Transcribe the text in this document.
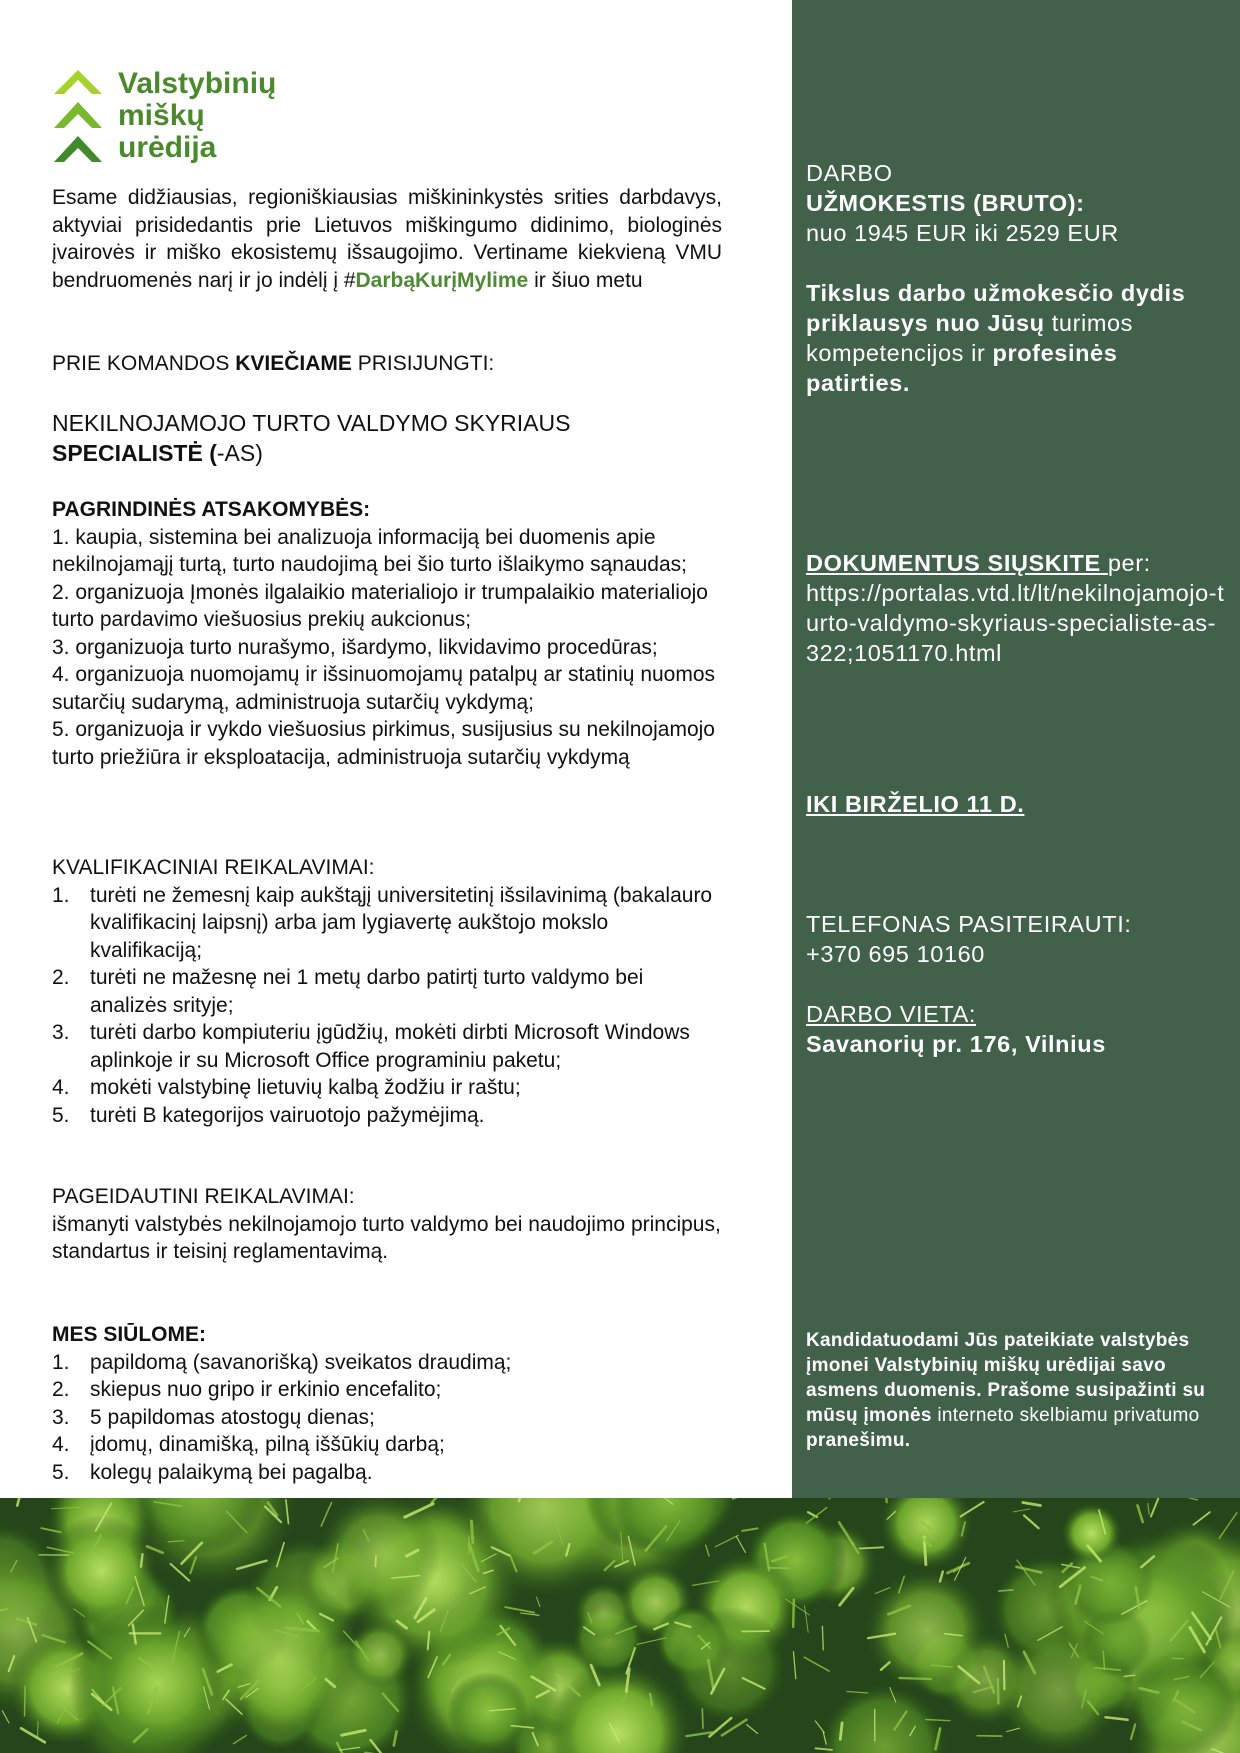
Valstybinių
miškų
urėdija
Esame didžiausias, regioniškiausias miškininkystės srities darbdavys, aktyviai prisidedantis prie Lietuvos miškingumo didinimo, biologinės įvairovės ir miško ekosistemų išsaugojimo. Vertiname kiekvieną VMU bendruomenės narį ir jo indėlį į #DarbąKurįMylime ir šiuo metu
PRIE KOMANDOS KVIEČIAME PRISIJUNGTI:
NEKILNOJAMOJO TURTO VALDYMO SKYRIAUS
SPECIALISTĖ (-AS)
PAGRINDINĖS ATSAKOMYBĖS:
1. kaupia, sistemina bei analizuoja informaciją bei duomenis apie nekilnojamąjį turtą, turto naudojimą bei šio turto išlaikymo sąnaudas;
2. organizuoja Įmonės ilgalaikio materialiojo ir trumpalaikio materialiojo turto pardavimo viešuosius prekių aukcionus;
3. organizuoja turto nurašymo, išardymo, likvidavimo procedūras;
4. organizuoja nuomojamų ir išsinuomojamų patalpų ar statinių nuomos sutarčių sudarymą, administruoja sutarčių vykdymą;
5. organizuoja ir vykdo viešuosius pirkimus, susijusius su nekilnojamojo turto priežiūra ir eksploatacija, administruoja sutarčių vykdymą
KVALIFIKACINIAI REIKALAVIMAI:
1. turėti ne žemesnį kaip aukštąjį universitetinį išsilavinimą (bakalauro kvalifikacinį laipsnį) arba jam lygiavertę aukštojo mokslo kvalifikaciją;
2. turėti ne mažesnę nei 1 metų darbo patirtį turto valdymo bei analizės srityje;
3. turėti darbo kompiuteriu įgūdžių, mokėti dirbti Microsoft Windows aplinkoje ir su Microsoft Office programiniu paketu;
4. mokėti valstybinę lietuvių kalbą žodžiu ir raštu;
5. turėti B kategorijos vairuotojo pažymėjimą.
PAGEIDAUTINI REIKALAVIMAI:
išmanyti valstybės nekilnojamojo turto valdymo bei naudojimo principus, standartus ir teisinį reglamentavimą.
MES SIŪLOME:
1. papildomą (savanorišką) sveikatos draudimą;
2. skiepus nuo gripo ir erkinio encefalito;
3. 5 papildomas atostogų dienas;
4. įdomų, dinamišką, pilną iššūkių darbą;
5. kolegų palaikymą bei pagalbą.
DARBO
UŽMOKESTIS (BRUTO):
nuo 1945 EUR iki 2529 EUR
Tikslus darbo užmokesčio dydis priklausys nuo Jūsų turimos kompetencijos ir profesinės patirties.
DOKUMENTUS SIŲSKITE per:
https://portalas.vtd.lt/lt/nekilnojamojo-turto-valdymo-skyriaus-specialiste-as-322;1051170.html
IKI BIRŽELIO 11 D.
TELEFONAS PASITEIRAUTI:
+370 695 10160
DARBO VIETA:
Savanorių pr. 176, Vilnius
Kandidatuodami Jūs pateikiate valstybės įmonei Valstybinių miškų urėdijai savo asmens duomenis. Prašome susipažinti su mūsų įmonės interneto skelbiamu privatumo pranešimu.
